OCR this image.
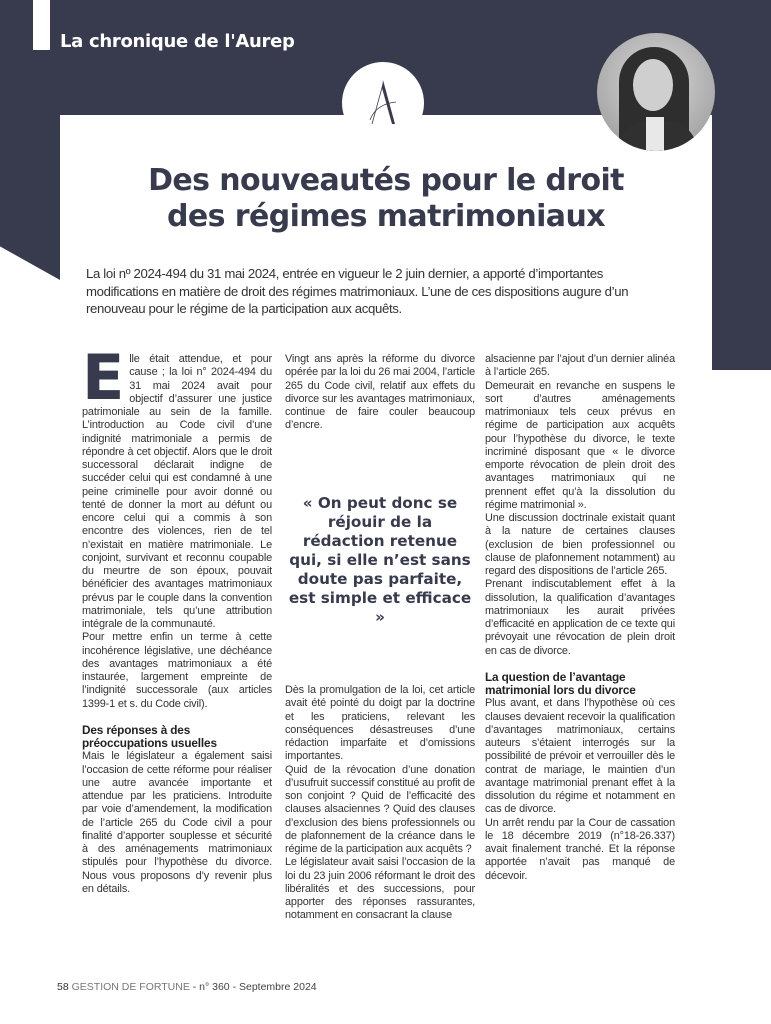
La chronique de l'Aurep
Des nouveautés pour le droit
des régimes matrimoniaux
La loi nº 2024-494 du 31 mai 2024, entrée en vigueur le 2 juin dernier, a apporté d’importantes modifications en matière de droit des régimes matrimoniaux. L’une de ces dispositions augure d’un renouveau pour le régime de la participation aux acquêts.
E lle était attendue, et pour cause ; la loi n° 2024-494 du 31 mai 2024 avait pour objectif d’assurer une justice patrimoniale au sein de la famille. L’introduction au Code civil d’une indignité matrimoniale a permis de répondre à cet objectif. Alors que le droit successoral déclarait indigne de succéder celui qui est condamné à une peine criminelle pour avoir donné ou tenté de donner la mort au défunt ou encore celui qui a commis à son encontre des violences, rien de tel n’existait en matière matrimoniale. Le conjoint, survivant et reconnu coupable du meurtre de son époux, pouvait bénéficier des avantages matrimoniaux prévus par le couple dans la convention matrimoniale, tels qu’une attribution intégrale de la communauté.

Pour mettre enfin un terme à cette incohérence législative, une déchéance des avantages matrimoniaux a été instaurée, largement empreinte de l’indignité successorale (aux articles 1399-1 et s. du Code civil).

Des réponses à des préoccupations usuelles

Mais le législateur a également saisi l’occasion de cette réforme pour réaliser une autre avancée importante et attendue par les praticiens. Introduite par voie d’amendement, la modification de l’article 265 du Code civil a pour finalité d’apporter souplesse et sécurité à des aménagements matrimoniaux stipulés pour l’hypothèse du divorce. Nous vous proposons d’y revenir plus en détails.

Vingt ans après la réforme du divorce opérée par la loi du 26 mai 2004, l’article 265 du Code civil, relatif aux effets du divorce sur les avantages matrimoniaux, continue de faire couler beaucoup d’encre.

« On peut donc se réjouir de la rédaction retenue qui, si elle n’est sans doute pas parfaite, est simple et efficace »

Dès la promulgation de la loi, cet article avait été pointé du doigt par la doctrine et les praticiens, relevant les conséquences désastreuses d’une rédaction imparfaite et d’omissions importantes.

Quid de la révocation d’une donation d’usufruit successif constitué au profit de son conjoint ? Quid de l’efficacité des clauses alsaciennes ? Quid des clauses d’exclusion des biens professionnels ou de plafonnement de la créance dans le régime de la participation aux acquêts ?

Le législateur avait saisi l’occasion de la loi du 23 juin 2006 réformant le droit des libéralités et des successions, pour apporter des réponses rassurantes, notamment en consacrant la clause

alsacienne par l’ajout d’un dernier alinéa à l’article 265.

Demeurait en revanche en suspens le sort d’autres aménagements matrimoniaux tels ceux prévus en régime de participation aux acquêts pour l’hypothèse du divorce, le texte incriminé disposant que « le divorce emporte révocation de plein droit des avantages matrimoniaux qui ne prennent effet qu’à la dissolution du régime matrimonial ».

Une discussion doctrinale existait quant à la nature de certaines clauses (exclusion de bien professionnel ou clause de plafonnement notamment) au regard des dispositions de l’article 265.

Prenant indiscutablement effet à la dissolution, la qualification d’avantages matrimoniaux les aurait privées d’efficacité en application de ce texte qui prévoyait une révocation de plein droit en cas de divorce.

La question de l’avantage matrimonial lors du divorce

Plus avant, et dans l’hypothèse où ces clauses devaient recevoir la qualification d’avantages matrimoniaux, certains auteurs s’étaient interrogés sur la possibilité de prévoir et verrouiller dès le contrat de mariage, le maintien d’un avantage matrimonial prenant effet à la dissolution du régime et notamment en cas de divorce.

Un arrêt rendu par la Cour de cassation le 18 décembre 2019 (n°18-26.337) avait finalement tranché. Et la réponse apportée n’avait pas manqué de décevoir.

58 GESTION DE FORTUNE - n° 360 - Septembre 2024
